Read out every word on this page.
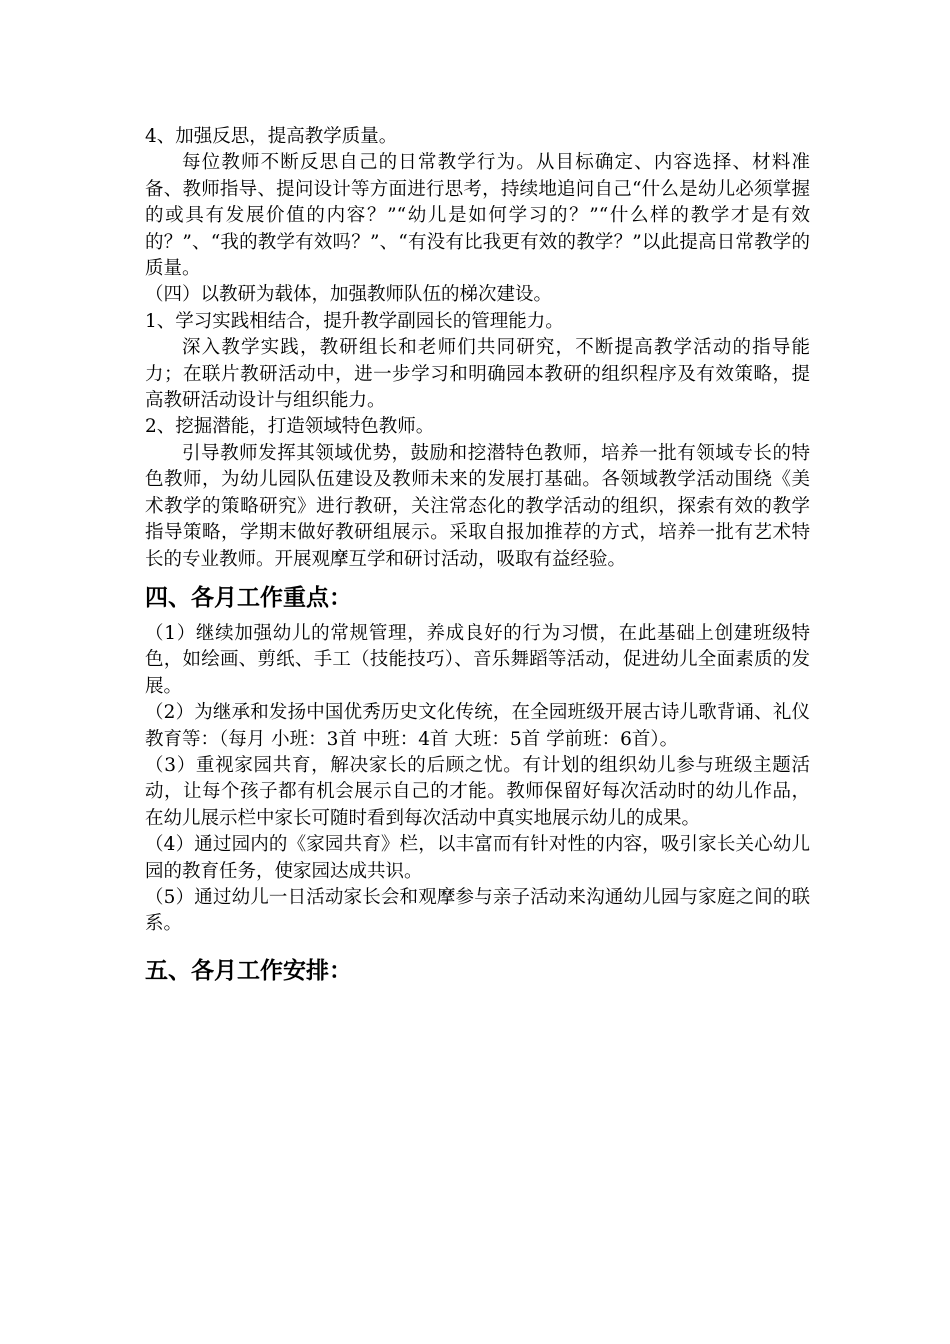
4、加强反思，提高教学质量。

每位教师不断反思自己的日常教学行为。从目标确定、内容选择、材料准备、教师指导、提问设计等方面进行思考，持续地追问自己“什么是幼儿必须掌握的或具有发展价值的内容？”“幼儿是如何学习的？”“什么样的教学才是有效的？”、“我的教学有效吗？”、“有没有比我更有效的教学？”以此提高日常教学的质量。

（四）以教研为载体，加强教师队伍的梯次建设。

1、学习实践相结合，提升教学副园长的管理能力。

深入教学实践，教研组长和老师们共同研究，不断提高教学活动的指导能力；在联片教研活动中，进一步学习和明确园本教研的组织程序及有效策略，提高教研活动设计与组织能力。

2、挖掘潜能，打造领域特色教师。

引导教师发挥其领域优势，鼓励和挖潜特色教师，培养一批有领域专长的特色教师，为幼儿园队伍建设及教师未来的发展打基础。各领域教学活动围绕《美术教学的策略研究》进行教研，关注常态化的教学活动的组织，探索有效的教学指导策略，学期末做好教研组展示。采取自报加推荐的方式，培养一批有艺术特长的专业教师。开展观摩互学和研讨活动，吸取有益经验。

四、各月工作重点：

（1）继续加强幼儿的常规管理，养成良好的行为习惯，在此基础上创建班级特色，如绘画、剪纸、手工（技能技巧）、音乐舞蹈等活动，促进幼儿全面素质的发展。

（2）为继承和发扬中国优秀历史文化传统，在全园班级开展古诗儿歌背诵、礼仪教育等：（每月 小班：3首 中班：4首 大班：5首 学前班：6首）。

（3）重视家园共育，解决家长的后顾之忧。有计划的组织幼儿参与班级主题活动，让每个孩子都有机会展示自己的才能。教师保留好每次活动时的幼儿作品，在幼儿展示栏中家长可随时看到每次活动中真实地展示幼儿的成果。

（4）通过园内的《家园共育》栏，以丰富而有针对性的内容，吸引家长关心幼儿园的教育任务，使家园达成共识。

（5）通过幼儿一日活动家长会和观摩参与亲子活动来沟通幼儿园与家庭之间的联系。

五、各月工作安排：
